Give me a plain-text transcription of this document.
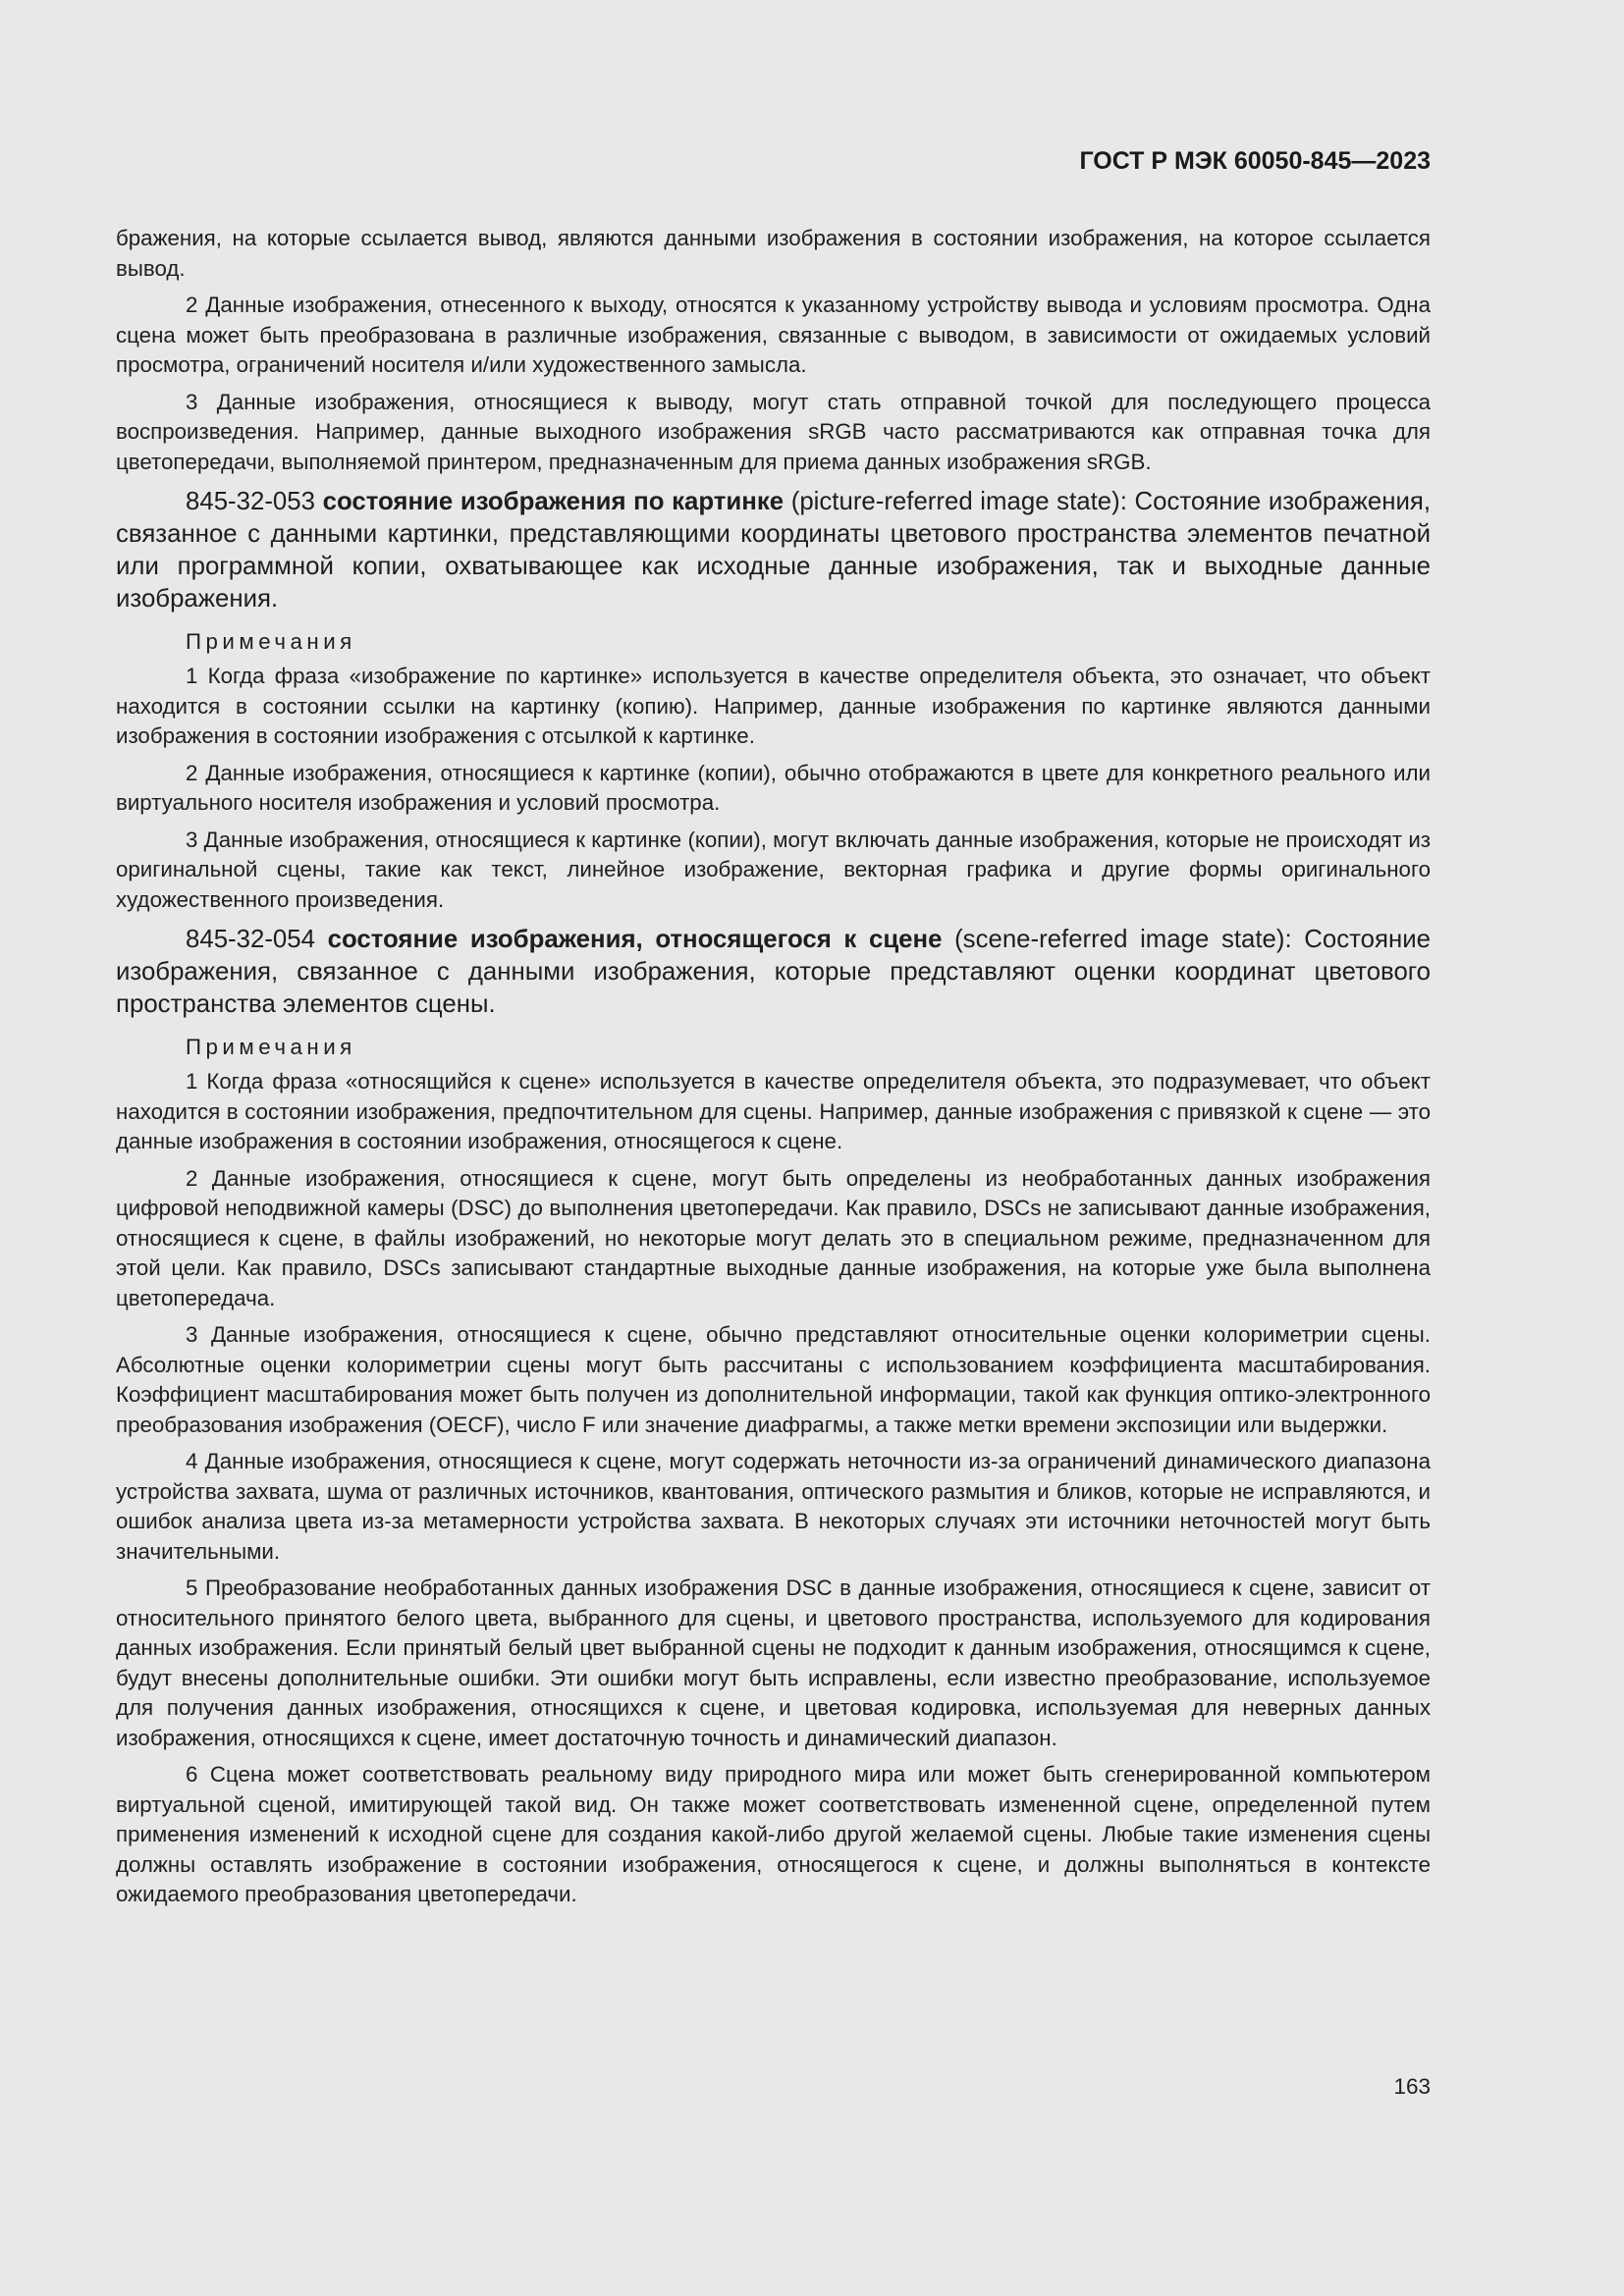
ГОСТ Р МЭК 60050-845—2023

бражения, на которые ссылается вывод, являются данными изображения в состоянии изображения, на которое ссылается вывод.

2 Данные изображения, отнесенного к выходу, относятся к указанному устройству вывода и условиям просмотра. Одна сцена может быть преобразована в различные изображения, связанные с выводом, в зависимости от ожидаемых условий просмотра, ограничений носителя и/или художественного замысла.

3 Данные изображения, относящиеся к выводу, могут стать отправной точкой для последующего процесса воспроизведения. Например, данные выходного изображения sRGB часто рассматриваются как отправная точка для цветопередачи, выполняемой принтером, предназначенным для приема данных изображения sRGB.

845-32-053 состояние изображения по картинке (picture-referred image state): Состояние изображения, связанное с данными картинки, представляющими координаты цветового пространства элементов печатной или программной копии, охватывающее как исходные данные изображения, так и выходные данные изображения.

Примечания

1 Когда фраза «изображение по картинке» используется в качестве определителя объекта, это означает, что объект находится в состоянии ссылки на картинку (копию). Например, данные изображения по картинке являются данными изображения в состоянии изображения с отсылкой к картинке.

2 Данные изображения, относящиеся к картинке (копии), обычно отображаются в цвете для конкретного реального или виртуального носителя изображения и условий просмотра.

3 Данные изображения, относящиеся к картинке (копии), могут включать данные изображения, которые не происходят из оригинальной сцены, такие как текст, линейное изображение, векторная графика и другие формы оригинального художественного произведения.

845-32-054 состояние изображения, относящегося к сцене (scene-referred image state): Состояние изображения, связанное с данными изображения, которые представляют оценки координат цветового пространства элементов сцены.

Примечания

1 Когда фраза «относящийся к сцене» используется в качестве определителя объекта, это подразумевает, что объект находится в состоянии изображения, предпочтительном для сцены. Например, данные изображения с привязкой к сцене — это данные изображения в состоянии изображения, относящегося к сцене.

2 Данные изображения, относящиеся к сцене, могут быть определены из необработанных данных изображения цифровой неподвижной камеры (DSC) до выполнения цветопередачи. Как правило, DSCs не записывают данные изображения, относящиеся к сцене, в файлы изображений, но некоторые могут делать это в специальном режиме, предназначенном для этой цели. Как правило, DSCs записывают стандартные выходные данные изображения, на которые уже была выполнена цветопередача.

3 Данные изображения, относящиеся к сцене, обычно представляют относительные оценки колориметрии сцены. Абсолютные оценки колориметрии сцены могут быть рассчитаны с использованием коэффициента масштабирования. Коэффициент масштабирования может быть получен из дополнительной информации, такой как функция оптико-электронного преобразования изображения (OECF), число F или значение диафрагмы, а также метки времени экспозиции или выдержки.

4 Данные изображения, относящиеся к сцене, могут содержать неточности из-за ограничений динамического диапазона устройства захвата, шума от различных источников, квантования, оптического размытия и бликов, которые не исправляются, и ошибок анализа цвета из-за метамерности устройства захвата. В некоторых случаях эти источники неточностей могут быть значительными.

5 Преобразование необработанных данных изображения DSC в данные изображения, относящиеся к сцене, зависит от относительного принятого белого цвета, выбранного для сцены, и цветового пространства, используемого для кодирования данных изображения. Если принятый белый цвет выбранной сцены не подходит к данным изображения, относящимся к сцене, будут внесены дополнительные ошибки. Эти ошибки могут быть исправлены, если известно преобразование, используемое для получения данных изображения, относящихся к сцене, и цветовая кодировка, используемая для неверных данных изображения, относящихся к сцене, имеет достаточную точность и динамический диапазон.

6 Сцена может соответствовать реальному виду природного мира или может быть сгенерированной компьютером виртуальной сценой, имитирующей такой вид. Он также может соответствовать измененной сцене, определенной путем применения изменений к исходной сцене для создания какой-либо другой желаемой сцены. Любые такие изменения сцены должны оставлять изображение в состоянии изображения, относящегося к сцене, и должны выполняться в контексте ожидаемого преобразования цветопередачи.

163
